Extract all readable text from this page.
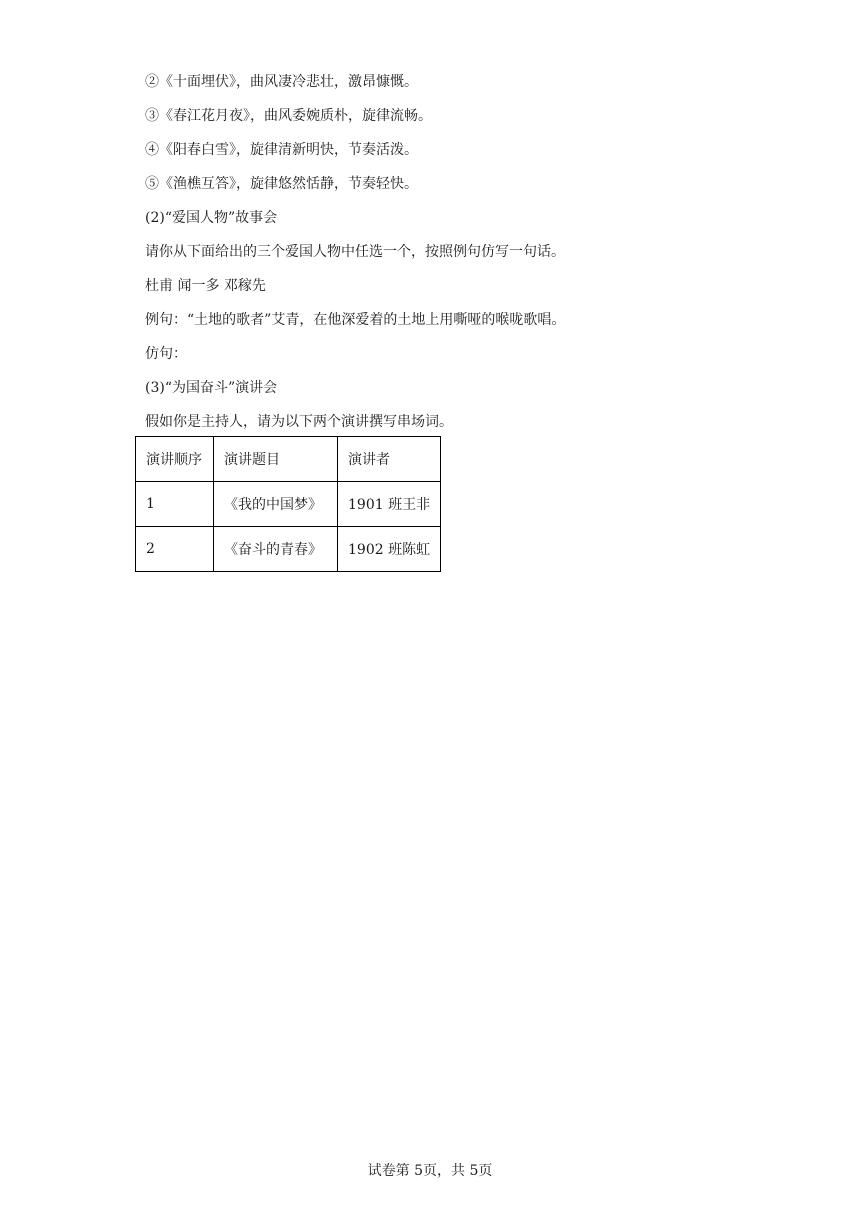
②《十面埋伏》，曲风凄冷悲壮，激昂慷慨。
③《春江花月夜》，曲风委婉质朴，旋律流畅。
④《阳春白雪》，旋律清新明快，节奏活泼。
⑤《渔樵互答》，旋律悠然恬静，节奏轻快。
(2)“爱国人物”故事会
请你从下面给出的三个爱国人物中任选一个，按照例句仿写一句话。
杜甫 闻一多 邓稼先
例句：“土地的歌者”艾青，在他深爱着的土地上用嘶哑的喉咙歌唱。
仿句：
(3)“为国奋斗”演讲会
假如你是主持人，请为以下两个演讲撰写串场词。
演讲顺序	演讲题目	演讲者
1	《我的中国梦》	1901 班王非
2	《奋斗的青春》	1902 班陈虹
试卷第 5页，共 5页
